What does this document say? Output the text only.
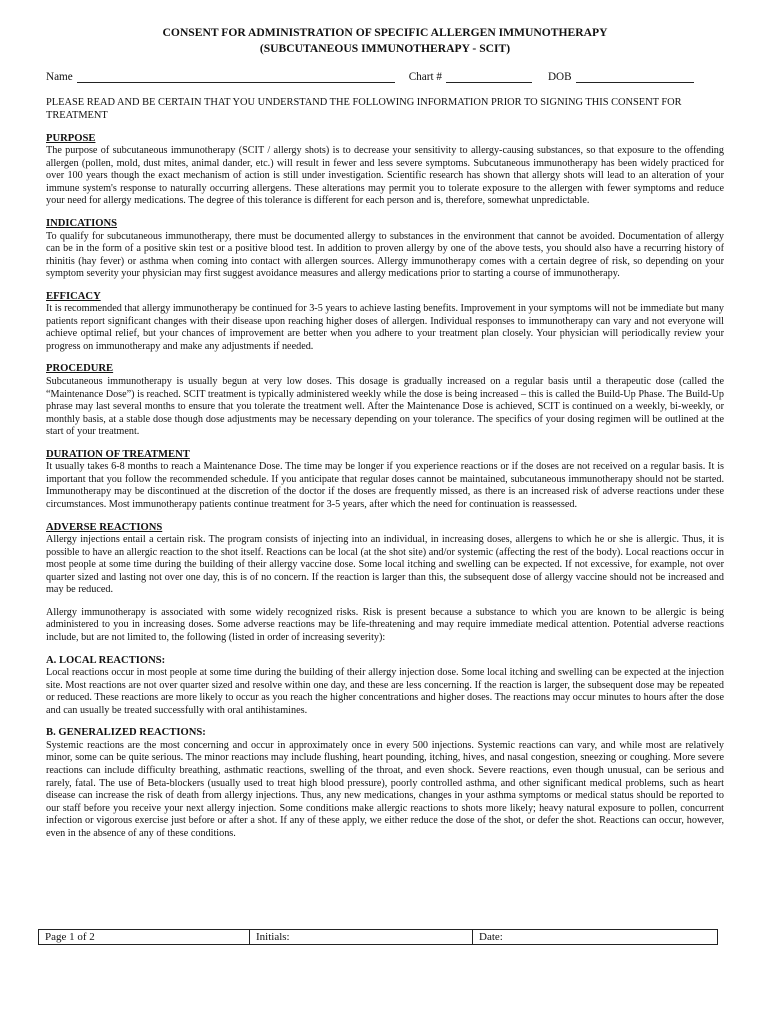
CONSENT FOR ADMINISTRATION OF SPECIFIC ALLERGEN IMMUNOTHERAPY
(SUBCUTANEOUS IMMUNOTHERAPY - SCIT)
Name	Chart #	DOB

PLEASE READ AND BE CERTAIN THAT YOU UNDERSTAND THE FOLLOWING INFORMATION PRIOR TO SIGNING THIS CONSENT FOR TREATMENT

PURPOSE

The purpose of subcutaneous immunotherapy (SCIT / allergy shots) is to decrease your sensitivity to allergy-causing substances, so that exposure to the offending allergen (pollen, mold, dust mites, animal dander, etc.) will result in fewer and less severe symptoms. Subcutaneous immunotherapy has been widely practiced for over 100 years though the exact mechanism of action is still under investigation. Scientific research has shown that allergy shots will lead to an alteration of your immune system's response to naturally occurring allergens. These alterations may permit you to tolerate exposure to the allergen with fewer symptoms and reduce your need for allergy medications. The degree of this tolerance is different for each person and is, therefore, somewhat unpredictable.

INDICATIONS

To qualify for subcutaneous immunotherapy, there must be documented allergy to substances in the environment that cannot be avoided. Documentation of allergy can be in the form of a positive skin test or a positive blood test. In addition to proven allergy by one of the above tests, you should also have a recurring history of rhinitis (hay fever) or asthma when coming into contact with allergen sources. Allergy immunotherapy comes with a certain degree of risk, so depending on your symptom severity your physician may first suggest avoidance measures and allergy medications prior to starting a course of immunotherapy.

EFFICACY

It is recommended that allergy immunotherapy be continued for 3-5 years to achieve lasting benefits. Improvement in your symptoms will not be immediate but many patients report significant changes with their disease upon reaching higher doses of allergen. Individual responses to immunotherapy can vary and not everyone will achieve optimal relief, but your chances of improvement are better when you adhere to your treatment plan closely. Your physician will periodically review your progress on immunotherapy and make any adjustments if needed.

PROCEDURE

Subcutaneous immunotherapy is usually begun at very low doses. This dosage is gradually increased on a regular basis until a therapeutic dose (called the “Maintenance Dose”) is reached. SCIT treatment is typically administered weekly while the dose is being increased – this is called the Build-Up Phase. The Build-Up phrase may last several months to ensure that you tolerate the treatment well. After the Maintenance Dose is achieved, SCIT is continued on a weekly, bi-weekly, or monthly basis, at a stable dose though dose adjustments may be necessary depending on your tolerance. The specifics of your dosing regimen will be outlined at the start of your treatment.

DURATION OF TREATMENT

It usually takes 6-8 months to reach a Maintenance Dose. The time may be longer if you experience reactions or if the doses are not received on a regular basis. It is important that you follow the recommended schedule. If you anticipate that regular doses cannot be maintained, subcutaneous immunotherapy should not be started. Immunotherapy may be discontinued at the discretion of the doctor if the doses are frequently missed, as there is an increased risk of adverse reactions under these circumstances. Most immunotherapy patients continue treatment for 3-5 years, after which the need for continuation is reassessed.

ADVERSE REACTIONS

Allergy injections entail a certain risk. The program consists of injecting into an individual, in increasing doses, allergens to which he or she is allergic. Thus, it is possible to have an allergic reaction to the shot itself. Reactions can be local (at the shot site) and/or systemic (affecting the rest of the body). Local reactions occur in most people at some time during the building of their allergy vaccine dose. Some local itching and swelling can be expected. If not excessive, for example, not over quarter sized and lasting not over one day, this is of no concern. If the reaction is larger than this, the subsequent dose of allergy vaccine should not be increased and may be reduced.

Allergy immunotherapy is associated with some widely recognized risks. Risk is present because a substance to which you are known to be allergic is being administered to you in increasing doses. Some adverse reactions may be life-threatening and may require immediate medical attention. Potential adverse reactions include, but are not limited to, the following (listed in order of increasing severity):

A. LOCAL REACTIONS:

Local reactions occur in most people at some time during the building of their allergy injection dose. Some local itching and swelling can be expected at the injection site. Most reactions are not over quarter sized and resolve within one day, and these are less concerning. If the reaction is larger, the subsequent dose may be repeated or reduced. These reactions are more likely to occur as you reach the higher concentrations and higher doses. The reactions may occur minutes to hours after the dose and can usually be treated successfully with oral antihistamines.

B. GENERALIZED REACTIONS:

Systemic reactions are the most concerning and occur in approximately once in every 500 injections. Systemic reactions can vary, and while most are relatively minor, some can be quite serious. The minor reactions may include flushing, heart pounding, itching, hives, and nasal congestion, sneezing or coughing. More severe reactions can include difficulty breathing, asthmatic reactions, swelling of the throat, and even shock. Severe reactions, even though unusual, can be serious and rarely, fatal. The use of Beta-blockers (usually used to treat high blood pressure), poorly controlled asthma, and other significant medical problems, such as heart disease can increase the risk of death from allergy injections. Thus, any new medications, changes in your asthma symptoms or medical status should be reported to our staff before you receive your next allergy injection. Some conditions make allergic reactions to shots more likely; heavy natural exposure to pollen, concurrent infection or vigorous exercise just before or after a shot. If any of these apply, we either reduce the dose of the shot, or defer the shot. Reactions can occur, however, even in the absence of any of these conditions.

Page 1 of 2	Initials:	Date:
